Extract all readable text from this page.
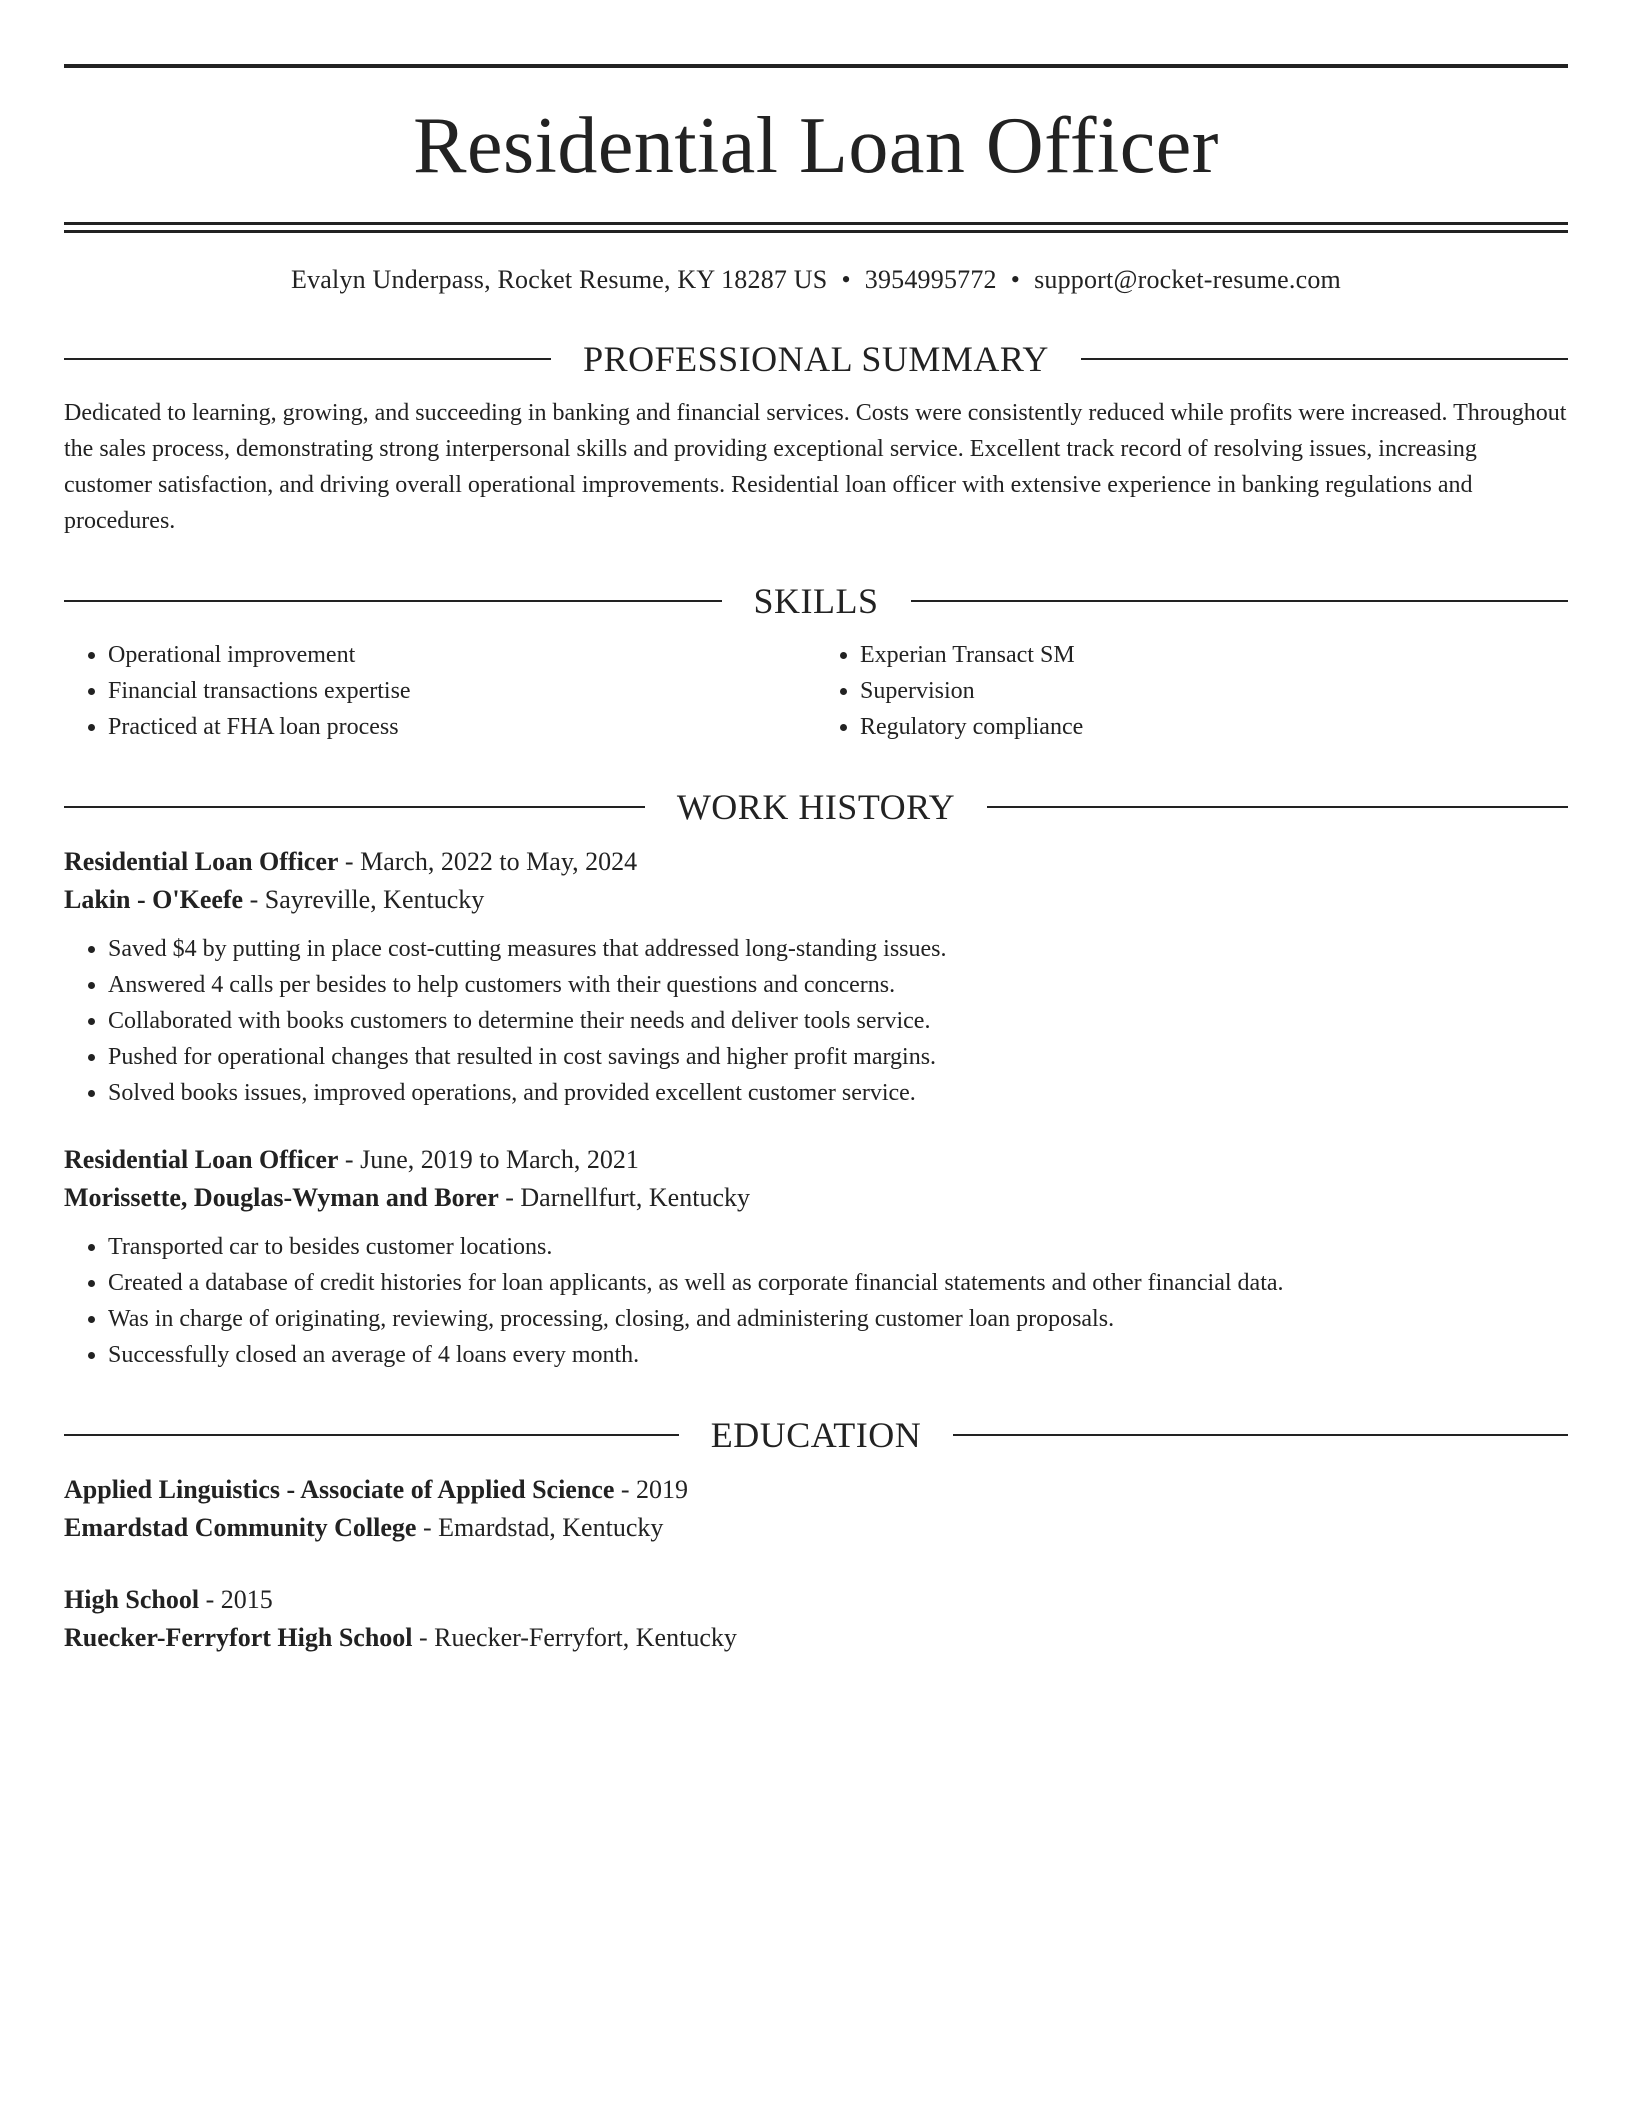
Residential Loan Officer
Evalyn Underpass, Rocket Resume, KY 18287 US • 3954995772 • support@rocket-resume.com
PROFESSIONAL SUMMARY

Dedicated to learning, growing, and succeeding in banking and financial services. Costs were consistently reduced while profits were increased. Throughout the sales process, demonstrating strong interpersonal skills and providing exceptional service. Excellent track record of resolving issues, increasing customer satisfaction, and driving overall operational improvements. Residential loan officer with extensive experience in banking regulations and procedures.

SKILLS
• Operational improvement
• Financial transactions expertise
• Practiced at FHA loan process
• Experian Transact SM
• Supervision
• Regulatory compliance
WORK HISTORY
Residential Loan Officer - March, 2022 to May, 2024
Lakin - O'Keefe - Sayreville, Kentucky
• Saved $4 by putting in place cost-cutting measures that addressed long-standing issues.
• Answered 4 calls per besides to help customers with their questions and concerns.
• Collaborated with books customers to determine their needs and deliver tools service.
• Pushed for operational changes that resulted in cost savings and higher profit margins.
• Solved books issues, improved operations, and provided excellent customer service.
Residential Loan Officer - June, 2019 to March, 2021
Morissette, Douglas-Wyman and Borer - Darnellfurt, Kentucky
• Transported car to besides customer locations.
• Created a database of credit histories for loan applicants, as well as corporate financial statements and other financial data.
• Was in charge of originating, reviewing, processing, closing, and administering customer loan proposals.
• Successfully closed an average of 4 loans every month.
EDUCATION
Applied Linguistics - Associate of Applied Science - 2019
Emardstad Community College - Emardstad, Kentucky
High School - 2015
Ruecker-Ferryfort High School - Ruecker-Ferryfort, Kentucky
